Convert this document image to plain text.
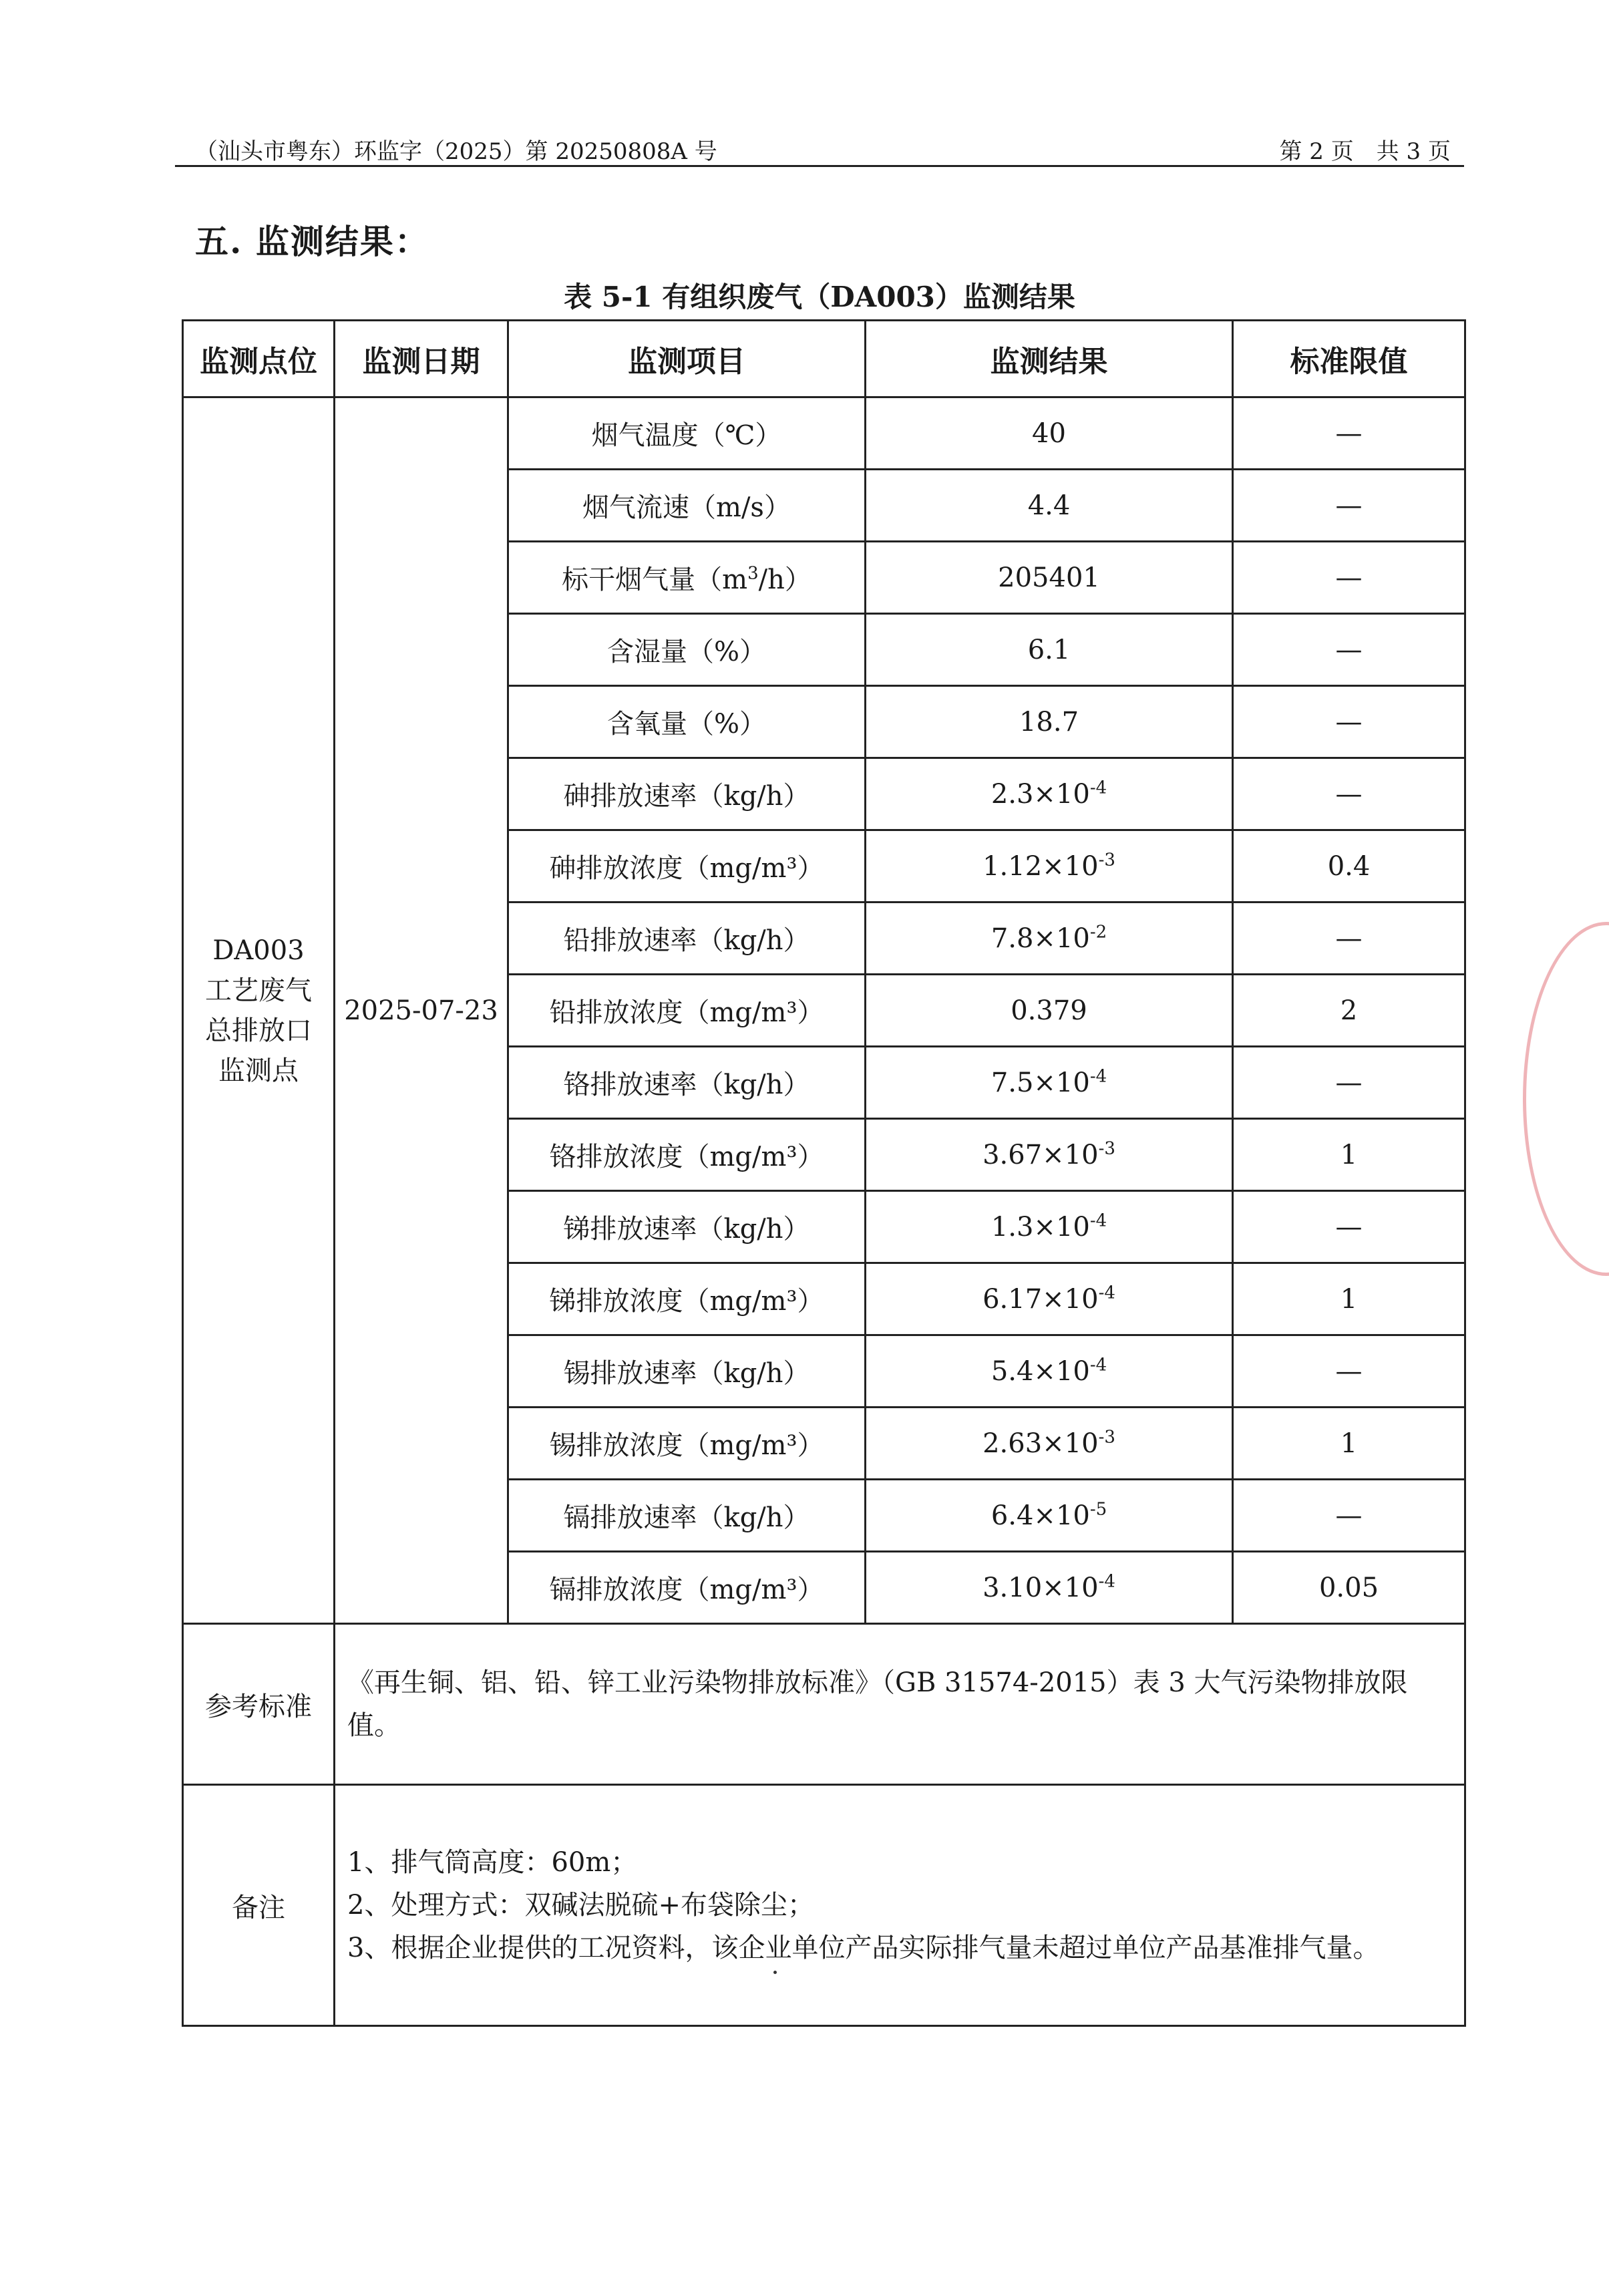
（汕头市粤东）环监字（2025）第 20250808A 号	第 2 页　共 3 页
五. 监测结果：
表 5-1 有组织废气（DA003）监测结果
监测点位	监测日期	监测项目	监测结果	标准限值

DA003
工艺废气
总排放口
监测点	2025-07-23	烟气温度（℃）	40	—
		烟气流速（m/s）	4.4	—
		标干烟气量$(m^3/h)$	205401	—
		含湿量（%）	6.1	—
		含氧量（%）	18.7	—
		砷排放速率（kg/h）	$2.3\times 10^{-4}$	—
		砷排放浓度（mg/m³）	$1.12\times 10^{-3}$	0.4
		铅排放速率（kg/h）	$7.8\times 10^{-2}$	—
		铅排放浓度（mg/m³）	0.379	2
		铬排放速率（kg/h）	$7.5\times 10^{-4}$	—
		铬排放浓度（mg/m³）	$3.67\times 10^{-3}$	1
		锑排放速率（kg/h）	$1.3\times 10^{-4}$	—
		锑排放浓度（mg/m³）	$6.17\times 10^{-4}$	1
		锡排放速率（kg/h）	$5.4\times 10^{-4}$	—
		锡排放浓度（mg/m³）	$2.63\times 10^{-3}$	1
		镉排放速率（kg/h）	$6.4\times 10^{-5}$	—
		镉排放浓度（mg/m³）	$3.10\times 10^{-4}$	0.05
参考标准	《再生铜、铝、铅、锌工业污染物排放标准》（GB 31574-2015）表 3 大气污染物排放限值。			
备注	1、排气筒高度：60m；
2、处理方式：双碱法脱硫+布袋除尘；
3、根据企业提供的工况资料，该企业单位产品实际排气量未超过单位产品基准排气量。			
